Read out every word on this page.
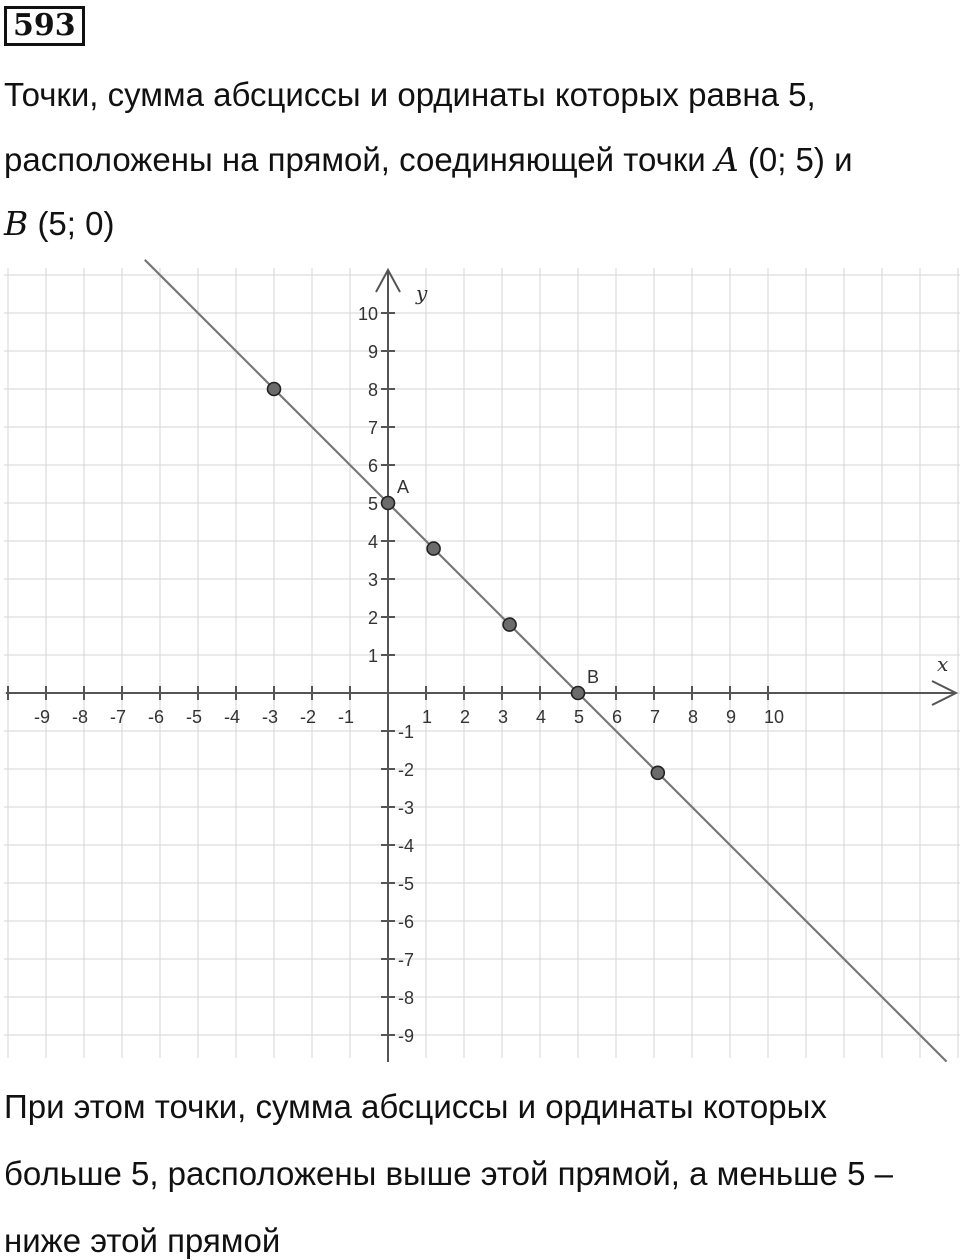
593
Точки, сумма абсциссы и ординаты которых равна 5,
расположены на прямой, соединяющей точки A (0; 5) и
B (5; 0)
-9 -8 -7 -6 -5 -4 -3 -2 -1	1 2 3 4 5 6 7 8 9 10
10
9
8
7
6
5
4
3
2
1
-1
-2
-3
-4
-5
-6
-7
-8
-9
x
y
A
B
При этом точки, сумма абсциссы и ординаты которых
больше 5, расположены выше этой прямой, а меньше 5 –
ниже этой прямой
